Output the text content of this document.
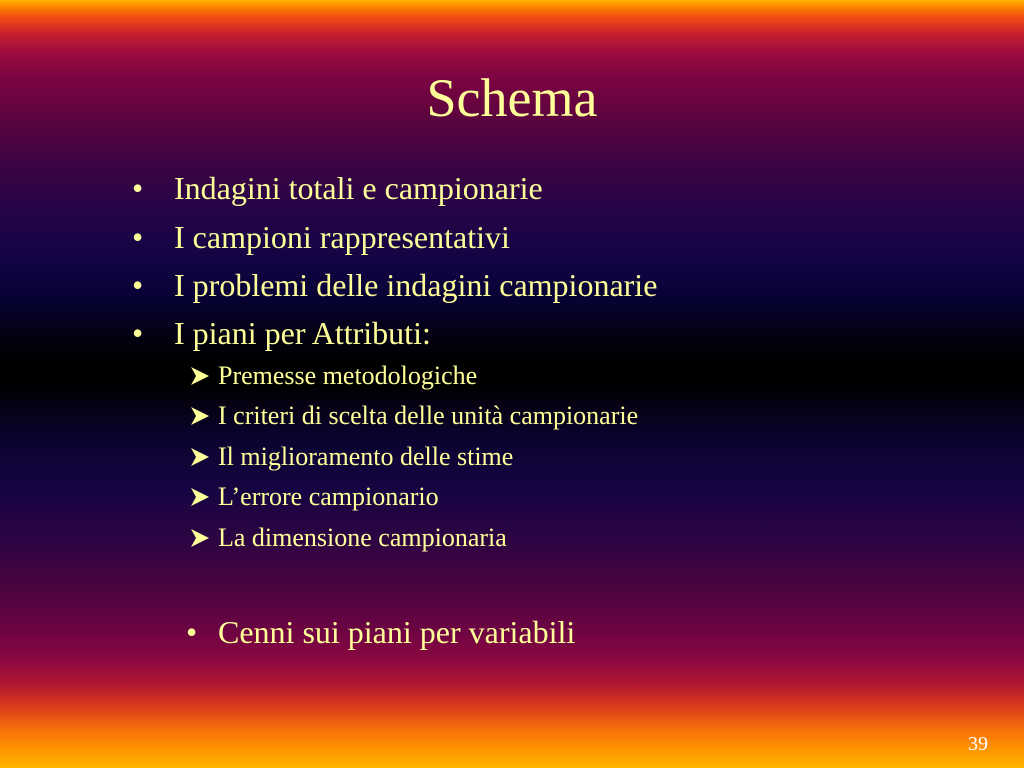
Schema
• Indagini totali e campionarie
• I campioni rappresentativi
• I problemi delle indagini campionarie
• I piani per Attributi:
Premesse metodologiche
I criteri di scelta delle unità campionarie
Il miglioramento delle stime
L’errore campionario
La dimensione campionaria
• Cenni sui piani per variabili
39
